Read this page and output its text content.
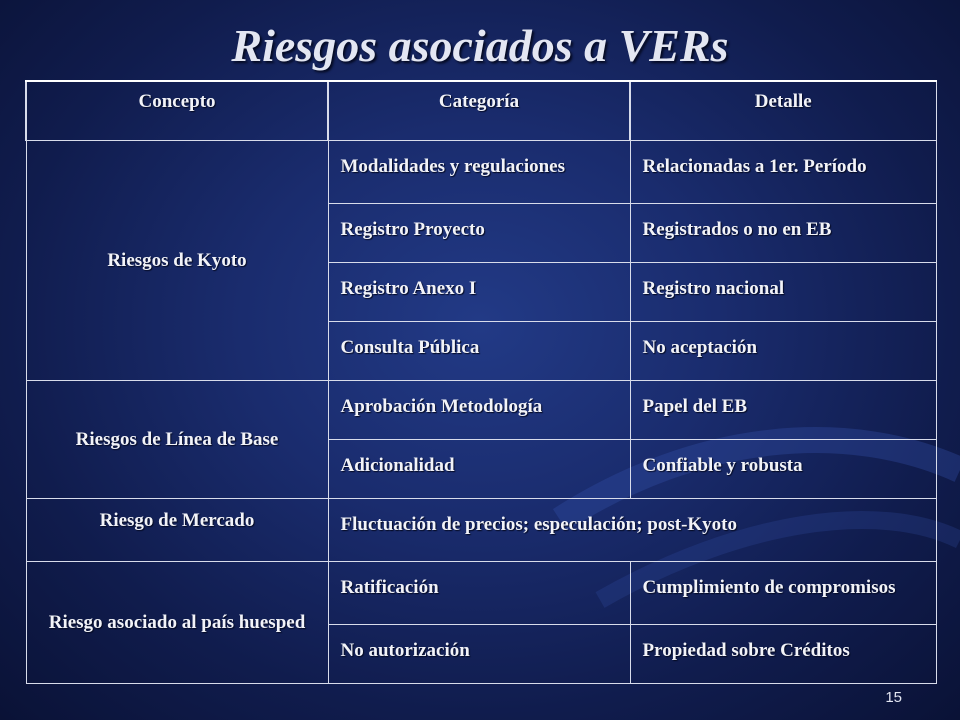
Riesgos asociados a VERs
Concepto	Categoría	Detalle
Riesgos de Kyoto	Modalidades y regulaciones	Relacionadas a 1er. Período
	Registro Proyecto	Registrados o no en EB
	Registro Anexo I	Registro nacional
	Consulta Pública	No aceptación
Riesgos de Línea de Base	Aprobación Metodología	Papel del EB
	Adicionalidad	Confiable y robusta
Riesgo de Mercado	Fluctuación de precios; especulación; post-Kyoto	
Riesgo asociado al país huesped	Ratificación	Cumplimiento de compromisos
	No autorización	Propiedad sobre Créditos
15
